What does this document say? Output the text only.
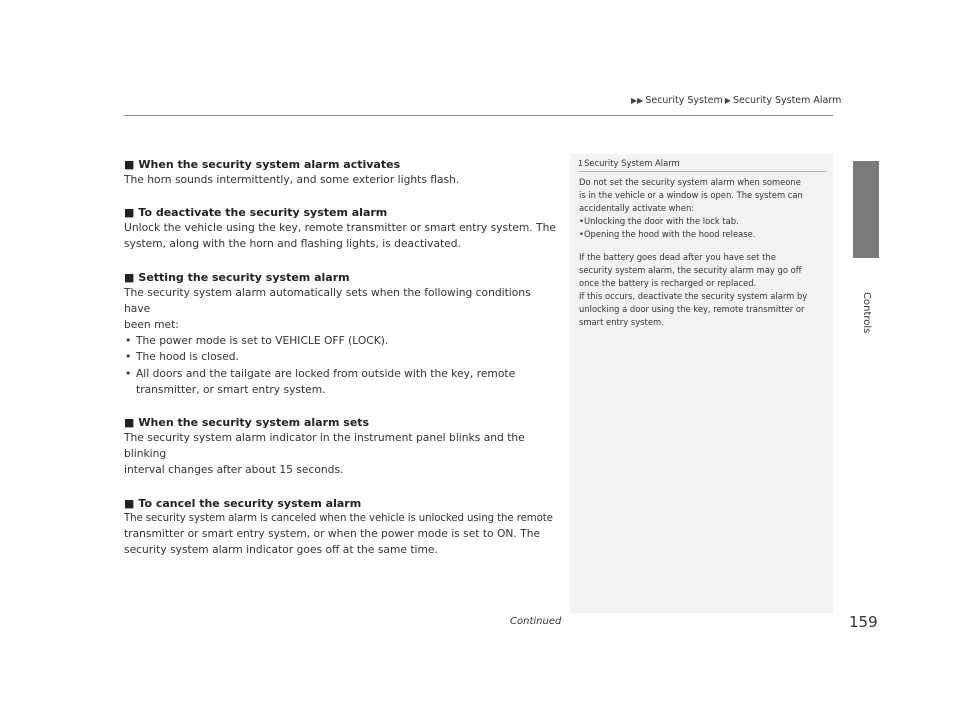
▶▶ Security System ▶ Security System Alarm
Controls
■ When the security system alarm activates
The horn sounds intermittently, and some exterior lights flash.
■ To deactivate the security system alarm
Unlock the vehicle using the key, remote transmitter or smart entry system. The
system, along with the horn and flashing lights, is deactivated.
■ Setting the security system alarm
The security system alarm automatically sets when the following conditions have
been met:
• The power mode is set to VEHICLE OFF (LOCK).
• The hood is closed.
• All doors and the tailgate are locked from outside with the key, remote
transmitter, or smart entry system.
■ When the security system alarm sets
The security system alarm indicator in the instrument panel blinks and the blinking
interval changes after about 15 seconds.
■ To cancel the security system alarm
The security system alarm is canceled when the vehicle is unlocked using the remote
transmitter or smart entry system, or when the power mode is set to ON. The
security system alarm indicator goes off at the same time.
1Security System Alarm

Do not set the security system alarm when someone

is in the vehicle or a window is open. The system can

accidentally activate when:

•Unlocking the door with the lock tab.

•Opening the hood with the hood release.

If the battery goes dead after you have set the

security system alarm, the security alarm may go off

once the battery is recharged or replaced.

If this occurs, deactivate the security system alarm by

unlocking a door using the key, remote transmitter or

smart entry system.

Continued	159
